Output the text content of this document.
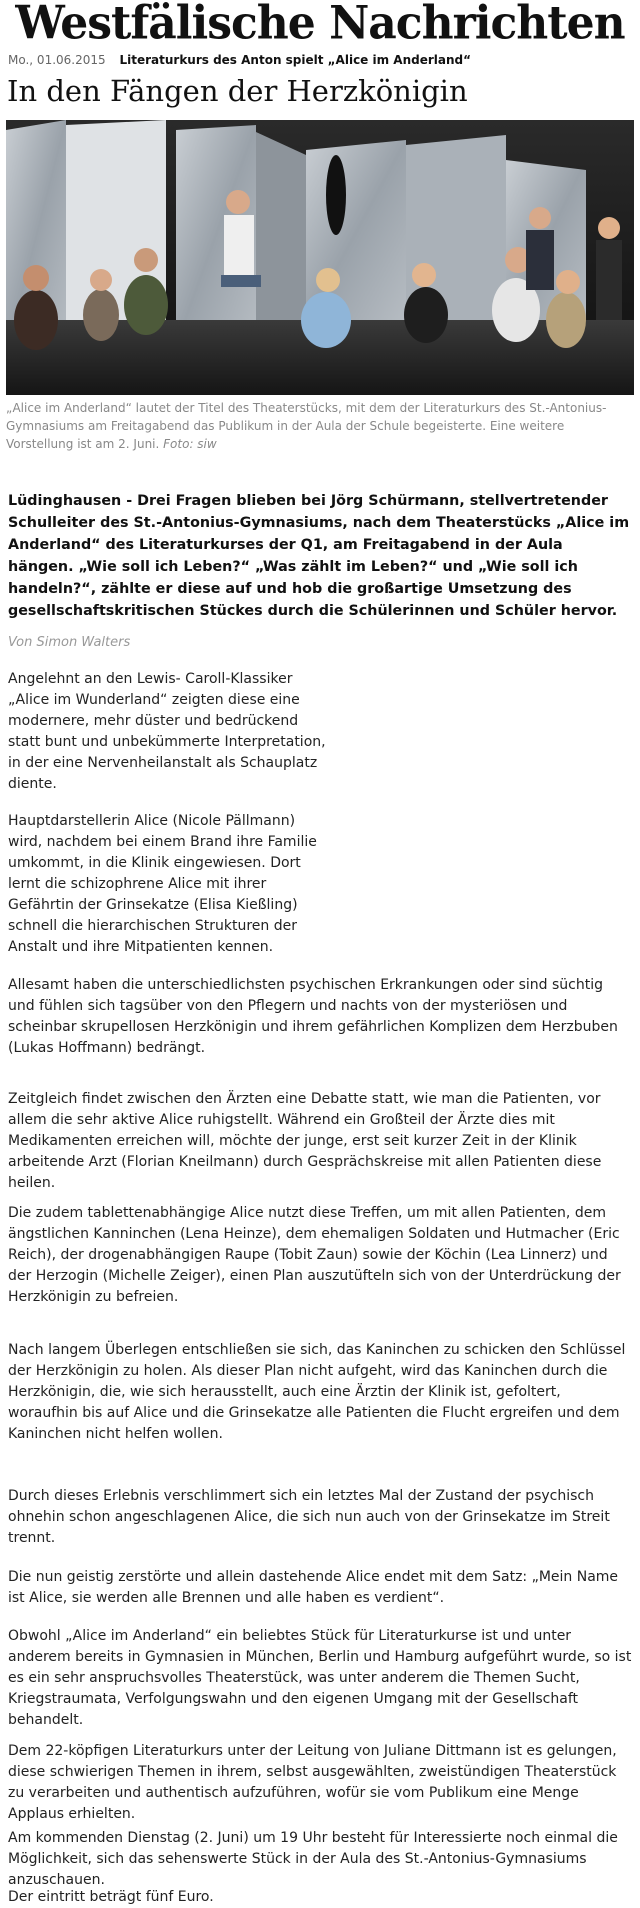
Westfälische Nachrichten
Mo., 01.06.2015 Literaturkurs des Anton spielt „Alice im Anderland“
In den Fängen der Herzkönigin

„Alice im Anderland“ lautet der Titel des Theaterstücks, mit dem der Literaturkurs des St.-Antonius-Gymnasiums am Freitagabend das Publikum in der Aula der Schule begeisterte. Eine weitere Vorstellung ist am 2. Juni. Foto: siw

Lüdinghausen - Drei Fragen blieben bei Jörg Schürmann, stellvertretender Schulleiter des St.-Antonius-Gymnasiums, nach dem Theaterstücks „Alice im Anderland“ des Literaturkurses der Q1, am Freitagabend in der Aula hängen. „Wie soll ich Leben?“ „Was zählt im Leben?“ und „Wie soll ich handeln?“, zählte er diese auf und hob die großartige Umsetzung des gesellschaftskritischen Stückes durch die Schülerinnen und Schüler hervor.

Von Simon Walters

Angelehnt an den Lewis- Caroll-Klassiker „Alice im Wunderland“ zeigten diese eine modernere, mehr düster und bedrückend statt bunt und unbekümmerte Interpretation, in der eine Nervenheilanstalt als Schauplatz diente.

Hauptdarstellerin Alice (Nicole Pällmann) wird, nachdem bei einem Brand ihre Familie umkommt, in die Klinik eingewiesen. Dort lernt die schizophrene Alice mit ihrer Gefährtin der Grinsekatze (Elisa Kießling) schnell die hierarchischen Strukturen der Anstalt und ihre Mitpatienten kennen.

Allesamt haben die unterschiedlichsten psychischen Erkrankungen oder sind süchtig und fühlen sich tagsüber von den Pflegern und nachts von der mysteriösen und scheinbar skrupellosen Herzkönigin und ihrem gefährlichen Komplizen dem Herzbuben (Lukas Hoffmann) bedrängt.

Zeitgleich findet zwischen den Ärzten eine Debatte statt, wie man die Patienten, vor allem die sehr aktive Alice ruhigstellt. Während ein Großteil der Ärzte dies mit Medikamenten erreichen will, möchte der junge, erst seit kurzer Zeit in der Klinik arbeitende Arzt (Florian Kneilmann) durch Gesprächskreise mit allen Patienten diese heilen.

Die zudem tablettenabhängige Alice nutzt diese Treffen, um mit allen Patienten, dem ängstlichen Kanninchen (Lena Heinze), dem ehemaligen Soldaten und Hutmacher (Eric Reich), der drogenabhängigen Raupe (Tobit Zaun) sowie der Köchin (Lea Linnerz) und der Herzogin (Michelle Zeiger), einen Plan auszutüfteln sich von der Unterdrückung der Herzkönigin zu befreien.

Nach langem Überlegen entschließen sie sich, das Kaninchen zu schicken den Schlüssel der Herzkönigin zu holen. Als dieser Plan nicht aufgeht, wird das Kaninchen durch die Herzkönigin, die, wie sich herausstellt, auch eine Ärztin der Klinik ist, gefoltert, woraufhin bis auf Alice und die Grinsekatze alle Patienten die Flucht ergreifen und dem Kaninchen nicht helfen wollen.

Durch dieses Erlebnis verschlimmert sich ein letztes Mal der Zustand der psychisch ohnehin schon angeschlagenen Alice, die sich nun auch von der Grinsekatze im Streit trennt.

Die nun geistig zerstörte und allein dastehende Alice endet mit dem Satz: „Mein Name ist Alice, sie werden alle Brennen und alle haben es verdient“.

Obwohl „Alice im Anderland“ ein beliebtes Stück für Literaturkurse ist und unter anderem bereits in Gymnasien in München, Berlin und Hamburg aufgeführt wurde, so ist es ein sehr anspruchsvolles Theaterstück, was unter anderem die Themen Sucht, Kriegstraumata, Verfolgungswahn und den eigenen Umgang mit der Gesellschaft behandelt.

Dem 22-köpfigen Literaturkurs unter der Leitung von Juliane Dittmann ist es gelungen, diese schwierigen Themen in ihrem, selbst ausgewählten, zweistündigen Theaterstück zu verarbeiten und authentisch aufzuführen, wofür sie vom Publikum eine Menge Applaus erhielten.

Am kommenden Dienstag (2. Juni) um 19 Uhr besteht für Interessierte noch einmal die Möglichkeit, sich das sehenswerte Stück in der Aula des St.-Antonius-Gymnasiums anzuschauen.

Der eintritt beträgt fünf Euro.
